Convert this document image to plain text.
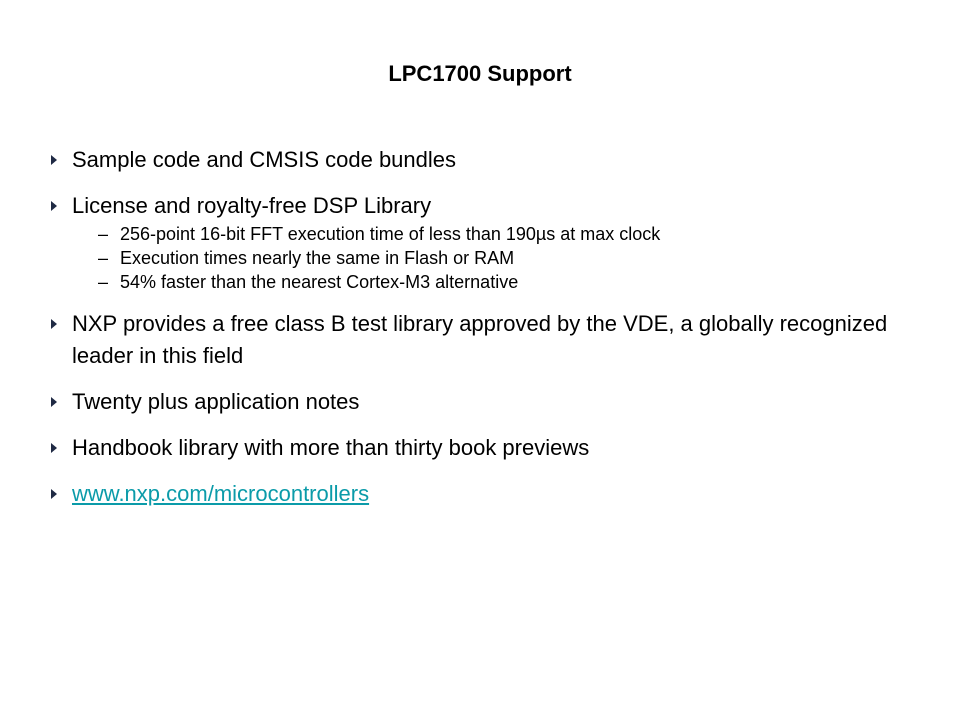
LPC1700 Support
Sample code and CMSIS code bundles
License and royalty-free DSP Library
– 256-point 16-bit FFT execution time of less than 190µs at max clock
– Execution times nearly the same in Flash or RAM
– 54% faster than the nearest Cortex-M3 alternative
NXP provides a free class B test library approved by the VDE, a globally recognized leader in this field
Twenty plus application notes
Handbook library with more than thirty book previews
www.nxp.com/microcontrollers
